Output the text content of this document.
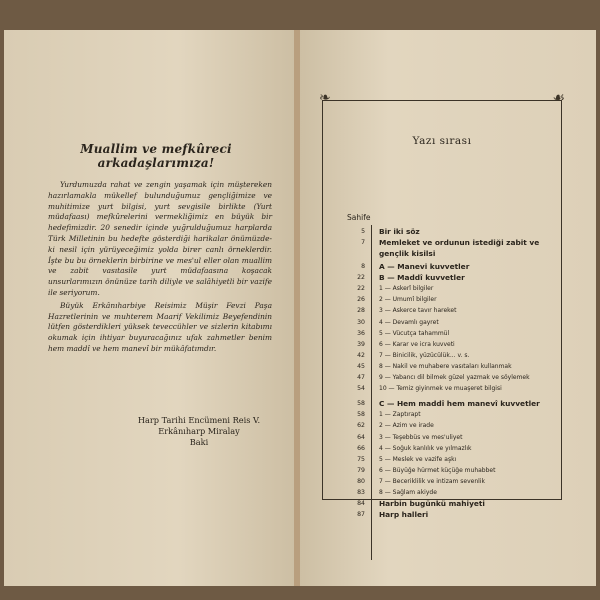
Muallim ve mefkûreci arkadaşlarımıza!

Yurdumuzda rahat ve zengin yaşamak için müştereken hazırlamakla mükellef bulunduğumuz gençliğimize ve muhitimize yurt bilgisi, yurt sevgisile birlikte (Yurt müdafaası) mefkûrelerini vermekliğimiz en büyük bir hedefimizdir. 20 senedir içinde yuğrulduğumuz harplarda Türk Milletinin bu hedefte gösterdiği harikalar önümüzde-ki nesil için yürüyeceğimiz yolda birer canlı örneklerdir. İşte bu bu örneklerin birbirine ve mes'ul eller olan muallim ve zabit vasıtasile yurt müdafaasına koşacak unsurlarımızın önünüze tarih diliyle ve salâhiyetli bir vazife ile seriyorum.

Büyük Erkânıharbiye Reisimiz Müşir Fevzi Paşa Hazretlerinin ve muhterem Maarif Vekilimiz Beyefendinin lütfen gösterdikleri yüksek teveccühler ve sizlerin kitabımı okumak için ihtiyar buyuracağınız ufak zahmetler benim hem maddî ve hem manevî bir mükâfatımdır.

Harp Tarihi Encümeni Reis V.
Erkânıharp Miralay
Baki
❧	☙
Yazı sırası
Sahife
5 Bir iki söz
7 Memleket ve ordunun istediği zabit ve gençlik kisilsi
8 A — Manevi kuvvetler
22 B — Maddî kuvvetler
22 1 — Askerî bilgiler
26 2 — Umumî bilgiler
28 3 — Askerce tavır hareket
30 4 — Devamlı gayret
36 5 — Vücutça tahammül
39 6 — Karar ve icra kuvveti
42 7 — Binicilik, yüzücülük... v. s.
45 8 — Nakil ve muhabere vasıtaları kullanmak
47 9 — Yabancı dil bilmek güzel yazmak ve söylemek
54 10 — Temiz giyinmek ve muaşeret bilgisi
58 C — Hem maddî hem manevî kuvvetler
58 1 — Zaptırapt
62 2 — Azim ve irade
64 3 — Teşebbüs ve mes'uliyet
66 4 — Soğuk kanlılık ve yılmazlık
75 5 — Meslek ve vazife aşkı
79 6 — Büyüğe hürmet küçüğe muhabbet
80 7 — Beceriklilik ve intizam sevenlik
83 8 — Sağlam akiyde
84 Harbin bugünkü mahiyeti
87 Harp halleri
